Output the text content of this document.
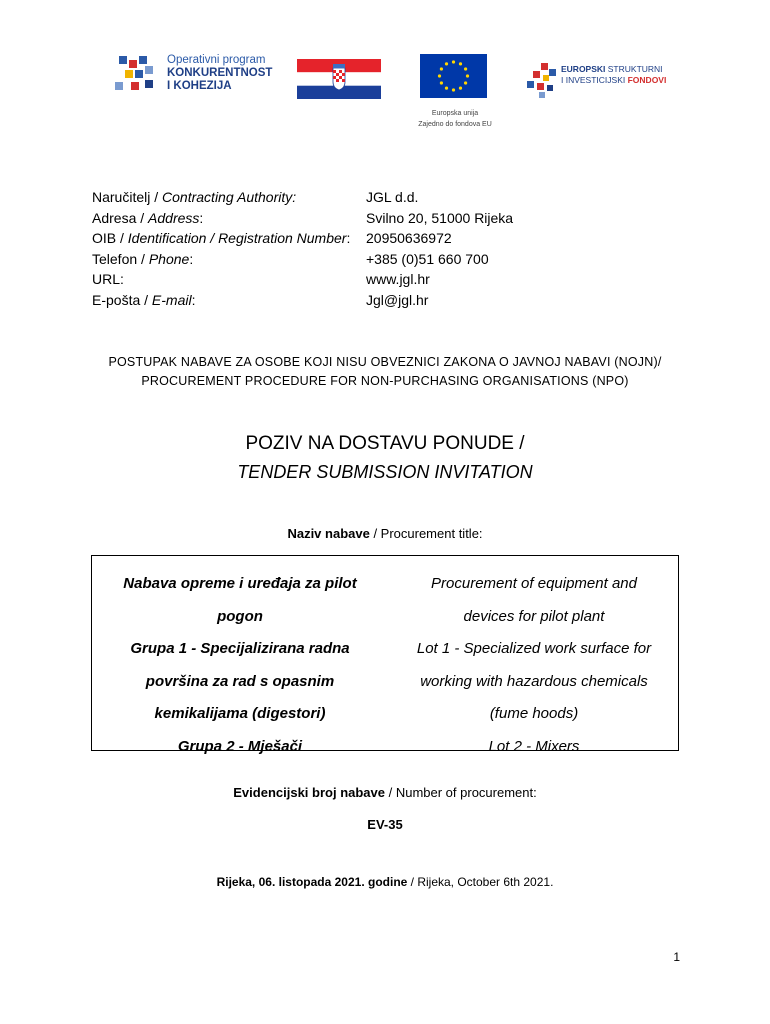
Operativni program
KONKURENTNOST
I KOHEZIJA
Europska unija
Zajedno do fondova EU
EUROPSKI STRUKTURNI
I INVESTICIJSKI FONDOVI
Naručitelj / Contracting Authority:	JGL d.d.
Adresa / Address:	Svilno 20, 51000 Rijeka
OIB / Identification / Registration Number:	20950636972
Telefon / Phone:	+385 (0)51 660 700
URL:	www.jgl.hr
E-pošta / E-mail:	Jgl@jgl.hr
POSTUPAK NABAVE ZA OSOBE KOJI NISU OBVEZNICI ZAKONA O JAVNOJ NABAVI (NOJN)/
PROCUREMENT PROCEDURE FOR NON-PURCHASING ORGANISATIONS (NPO)
POZIV NA DOSTAVU PONUDE /
TENDER SUBMISSION INVITATION
Naziv nabave / Procurement title:
Nabava opreme i uređaja za pilot
pogon
Grupa 1 - Specijalizirana radna
površina za rad s opasnim
kemikalijama (digestori)
Grupa 2 - Mješači
Procurement of equipment and
devices for pilot plant
Lot 1 - Specialized work surface for
working with hazardous chemicals
(fume hoods)
Lot 2 - Mixers
Evidencijski broj nabave / Number of procurement:
EV-35
Rijeka, 06. listopada 2021. godine / Rijeka, October 6th 2021.
1
